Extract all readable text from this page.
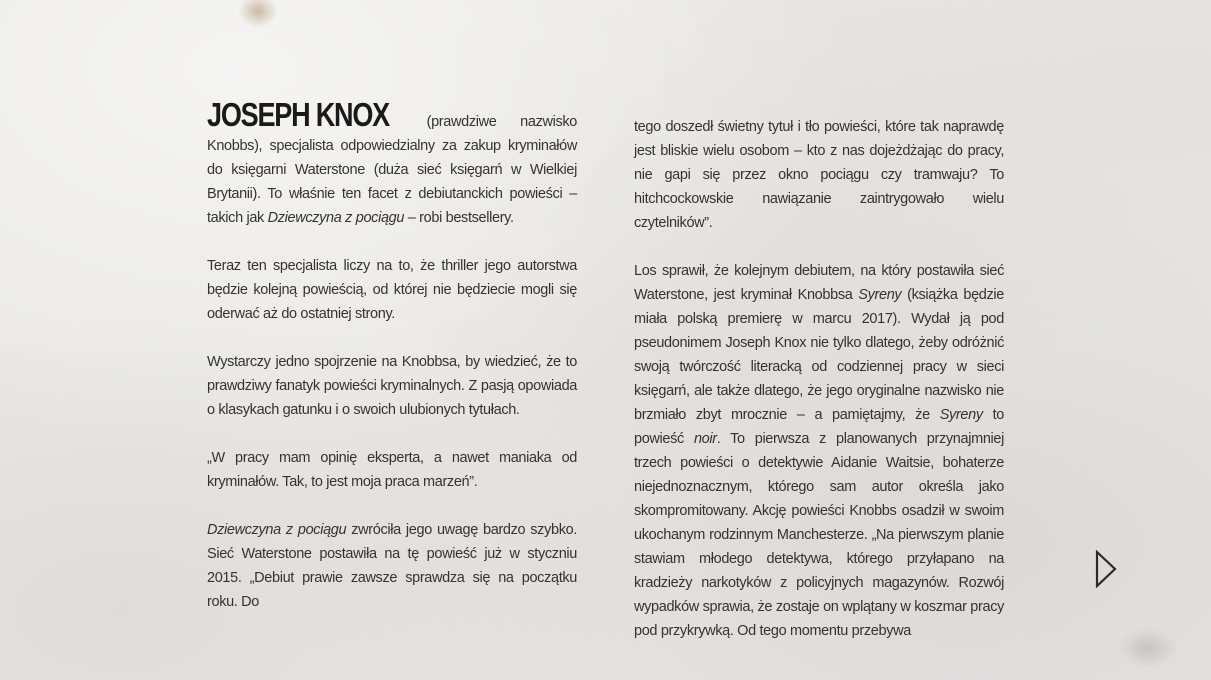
JOSEPH KNOX (prawdziwe nazwisko Knobbs), specjalista odpowiedzialny za zakup kryminałów do księgarni Waterstone (duża sieć księgarń w Wielkiej Brytanii). To właśnie ten facet z debiutanckich powieści – takich jak Dziewczyna z pociągu – robi bestsellery.

Teraz ten specjalista liczy na to, że thriller jego autorstwa będzie kolejną powieścią, od której nie będziecie mogli się oderwać aż do ostatniej strony.

Wystarczy jedno spojrzenie na Knobbsa, by wiedzieć, że to prawdziwy fanatyk powieści kryminalnych. Z pasją opowiada o klasykach gatunku i o swoich ulubionych tytułach.

„W pracy mam opinię eksperta, a nawet maniaka od kryminałów. Tak, to jest moja praca marzeń”.

Dziewczyna z pociągu zwróciła jego uwagę bardzo szybko. Sieć Waterstone postawiła na tę powieść już w styczniu 2015. „Debiut prawie zawsze sprawdza się na początku roku. Do

tego doszedł świetny tytuł i tło powieści, które tak naprawdę jest bliskie wielu osobom – kto z nas dojeżdżając do pracy, nie gapi się przez okno pociągu czy tramwaju? To hitchcockowskie nawiązanie zaintrygowało wielu czytelników”.

Los sprawił, że kolejnym debiutem, na który postawiła sieć Waterstone, jest kryminał Knobbsa Syreny (książka będzie miała polską premierę w marcu 2017). Wydał ją pod pseudonimem Joseph Knox nie tylko dlatego, żeby odróżnić swoją twórczość literacką od codziennej pracy w sieci księgarń, ale także dlatego, że jego oryginalne nazwisko nie brzmiało zbyt mrocznie – a pamiętajmy, że Syreny to powieść noir. To pierwsza z planowanych przynajmniej trzech powieści o detektywie Aidanie Waitsie, bohaterze niejednoznacznym, którego sam autor określa jako skompromitowany. Akcję powieści Knobbs osadził w swoim ukochanym rodzinnym Manchesterze. „Na pierwszym planie stawiam młodego detektywa, którego przyłapano na kradzieży narkotyków z policyjnych magazynów. Rozwój wypadków sprawia, że zostaje on wplątany w koszmar pracy pod przykrywką. Od tego momentu przebywa
